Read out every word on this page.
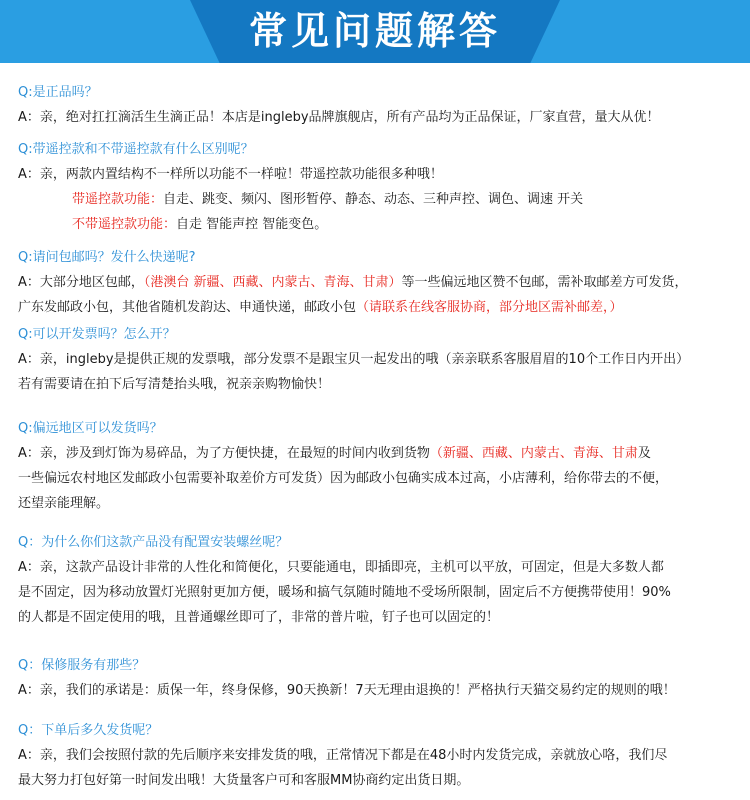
常见问题解答
Q:是正品吗？
A：亲，绝对扛扛滴活生生滴正品！本店是ingleby品牌旗舰店，所有产品均为正品保证，厂家直营，量大从优！
Q:带遥控款和不带遥控款有什么区别呢？
A：亲，两款内置结构不一样所以功能不一样啦！带遥控款功能很多种哦！
带遥控款功能：自走、跳变、频闪、图形暂停、静态、动态、三种声控、调色、调速 开关
不带遥控款功能：自走 智能声控 智能变色。
Q:请问包邮吗？发什么快递呢?
A：大部分地区包邮，（港澳台 新疆、西藏、内蒙古、青海、甘肃）等一些偏远地区赞不包邮，需补取邮差方可发货，
广东发邮政小包，其他省随机发韵达、申通快递，邮政小包（请联系在线客服协商，部分地区需补邮差，）
Q:可以开发票吗？怎么开？
A：亲，ingleby是提供正规的发票哦，部分发票不是跟宝贝一起发出的哦（亲亲联系客服眉眉的10个工作日内开出）
若有需要请在拍下后写清楚抬头哦，祝亲亲购物愉快！
Q:偏远地区可以发货吗？
A：亲，涉及到灯饰为易碎品，为了方便快捷，在最短的时间内收到货物（新疆、西藏、内蒙古、青海、甘肃及
一些偏远农村地区发邮政小包需要补取差价方可发货）因为邮政小包确实成本过高，小店薄利，给你带去的不便，
还望亲能理解。
Q：为什么你们这款产品没有配置安装螺丝呢？
A：亲，这款产品设计非常的人性化和简便化，只要能通电，即插即亮，主机可以平放，可固定，但是大多数人都
是不固定，因为移动放置灯光照射更加方便，暖场和搞气氛随时随地不受场所限制，固定后不方便携带使用！90%
的人都是不固定使用的哦，且普通螺丝即可了，非常的普片啦，钉子也可以固定的！
Q：保修服务有那些？
A：亲，我们的承诺是：质保一年，终身保修，90天换新！7天无理由退换的！严格执行天猫交易约定的规则的哦！
Q：下单后多久发货呢？
A：亲，我们会按照付款的先后顺序来安排发货的哦，正常情况下都是在48小时内发货完成，亲就放心咯，我们尽
最大努力打包好第一时间发出哦！大货量客户可和客服MM协商约定出货日期。
